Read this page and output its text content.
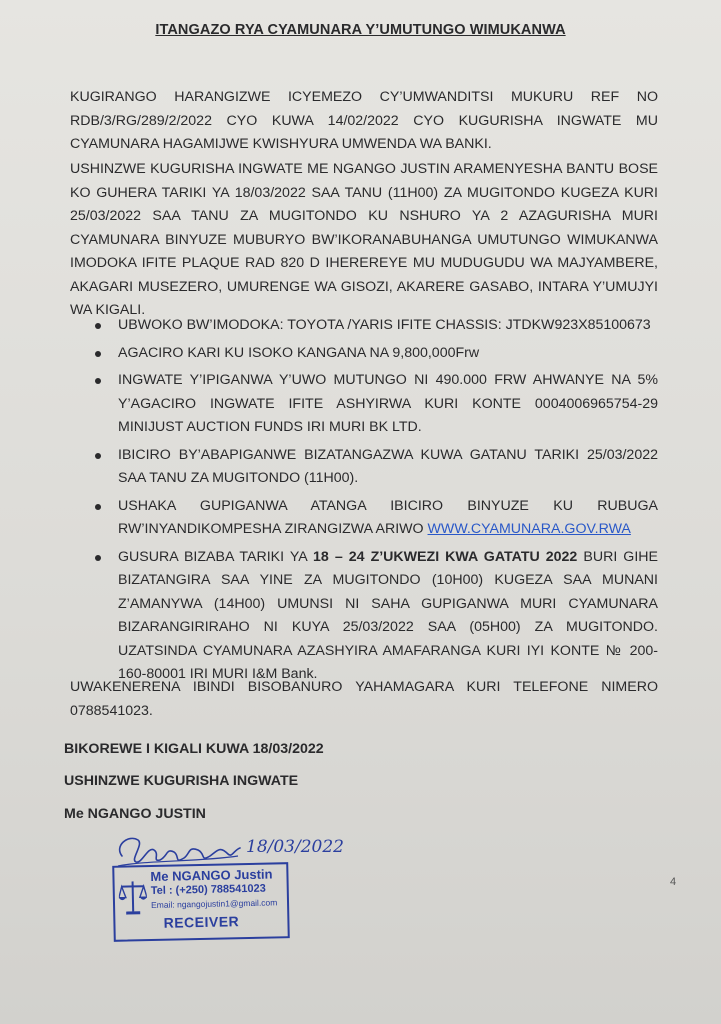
ITANGAZO RYA CYAMUNARA Y’UMUTUNGO WIMUKANWA

KUGIRANGO HARANGIZWE ICYEMEZO CY’UMWANDITSI MUKURU REF NO RDB/3/RG/289/2/2022 CYO KUWA 14/02/2022 CYO KUGURISHA INGWATE MU CYAMUNARA HAGAMIJWE KWISHYURA UMWENDA WA BANKI.

USHINZWE KUGURISHA INGWATE ME NGANGO JUSTIN ARAMENYESHA BANTU BOSE KO GUHERA TARIKI YA 18/03/2022 SAA TANU (11H00) ZA MUGITONDO KUGEZA KURI 25/03/2022 SAA TANU ZA MUGITONDO KU NSHURO YA 2 AZAGURISHA MURI CYAMUNARA BINYUZE MUBURYO BW’IKORANABUHANGA UMUTUNGO WIMUKANWA IMODOKA IFITE PLAQUE RAD 820 D IHEREREYE MU MUDUGUDU WA MAJYAMBERE, AKAGARI MUSEZERO, UMURENGE WA GISOZI, AKARERE GASABO, INTARA Y’UMUJYI WA KIGALI.

UBWOKO BW’IMODOKA: TOYOTA /YARIS IFITE CHASSIS: JTDKW923X85100673
AGACIRO KARI KU ISOKO KANGANA NA 9,800,000Frw
INGWATE Y’IPIGANWA Y’UWO MUTUNGO NI 490.000 FRW AHWANYE NA 5% Y’AGACIRO INGWATE IFITE ASHYIRWA KURI KONTE 0004006965754-29 MINIJUST AUCTION FUNDS IRI MURI BK LTD.
IBICIRO BY’ABAPIGANWE BIZATANGAZWA KUWA GATANU TARIKI 25/03/2022 SAA TANU ZA MUGITONDO (11H00).
USHAKA GUPIGANWA ATANGA IBICIRO BINYUZE KU RUBUGA RW’INYANDIKOMPESHA ZIRANGIZWA ARIWO WWW.CYAMUNARA.GOV.RWA
GUSURA BIZABA TARIKI YA 18 – 24 Z’UKWEZI KWA GATATU 2022 BURI GIHE BIZATANGIRA SAA YINE ZA MUGITONDO (10H00) KUGEZA SAA MUNANI Z’AMANYWA (14H00) UMUNSI NI SAHA GUPIGANWA MURI CYAMUNARA BIZARANGIRIRAHO NI KUYA 25/03/2022 SAA (05H00) ZA MUGITONDO. UZATSINDA CYAMUNARA AZASHYIRA AMAFARANGA KURI IYI KONTE № 200-160-80001 IRI MURI I&M Bank.

UWAKENERENA IBINDI BISOBANURO YAHAMAGARA KURI TELEFONE NIMERO 0788541023.

BIKOREWE I KIGALI KUWA 18/03/2022
USHINZWE KUGURISHA INGWATE
Me NGANGO JUSTIN
18/03/2022
Me NGANGO Justin
Tel : (+250) 788541023
Email: ngangojustin1@gmail.com
RECEIVER
4
